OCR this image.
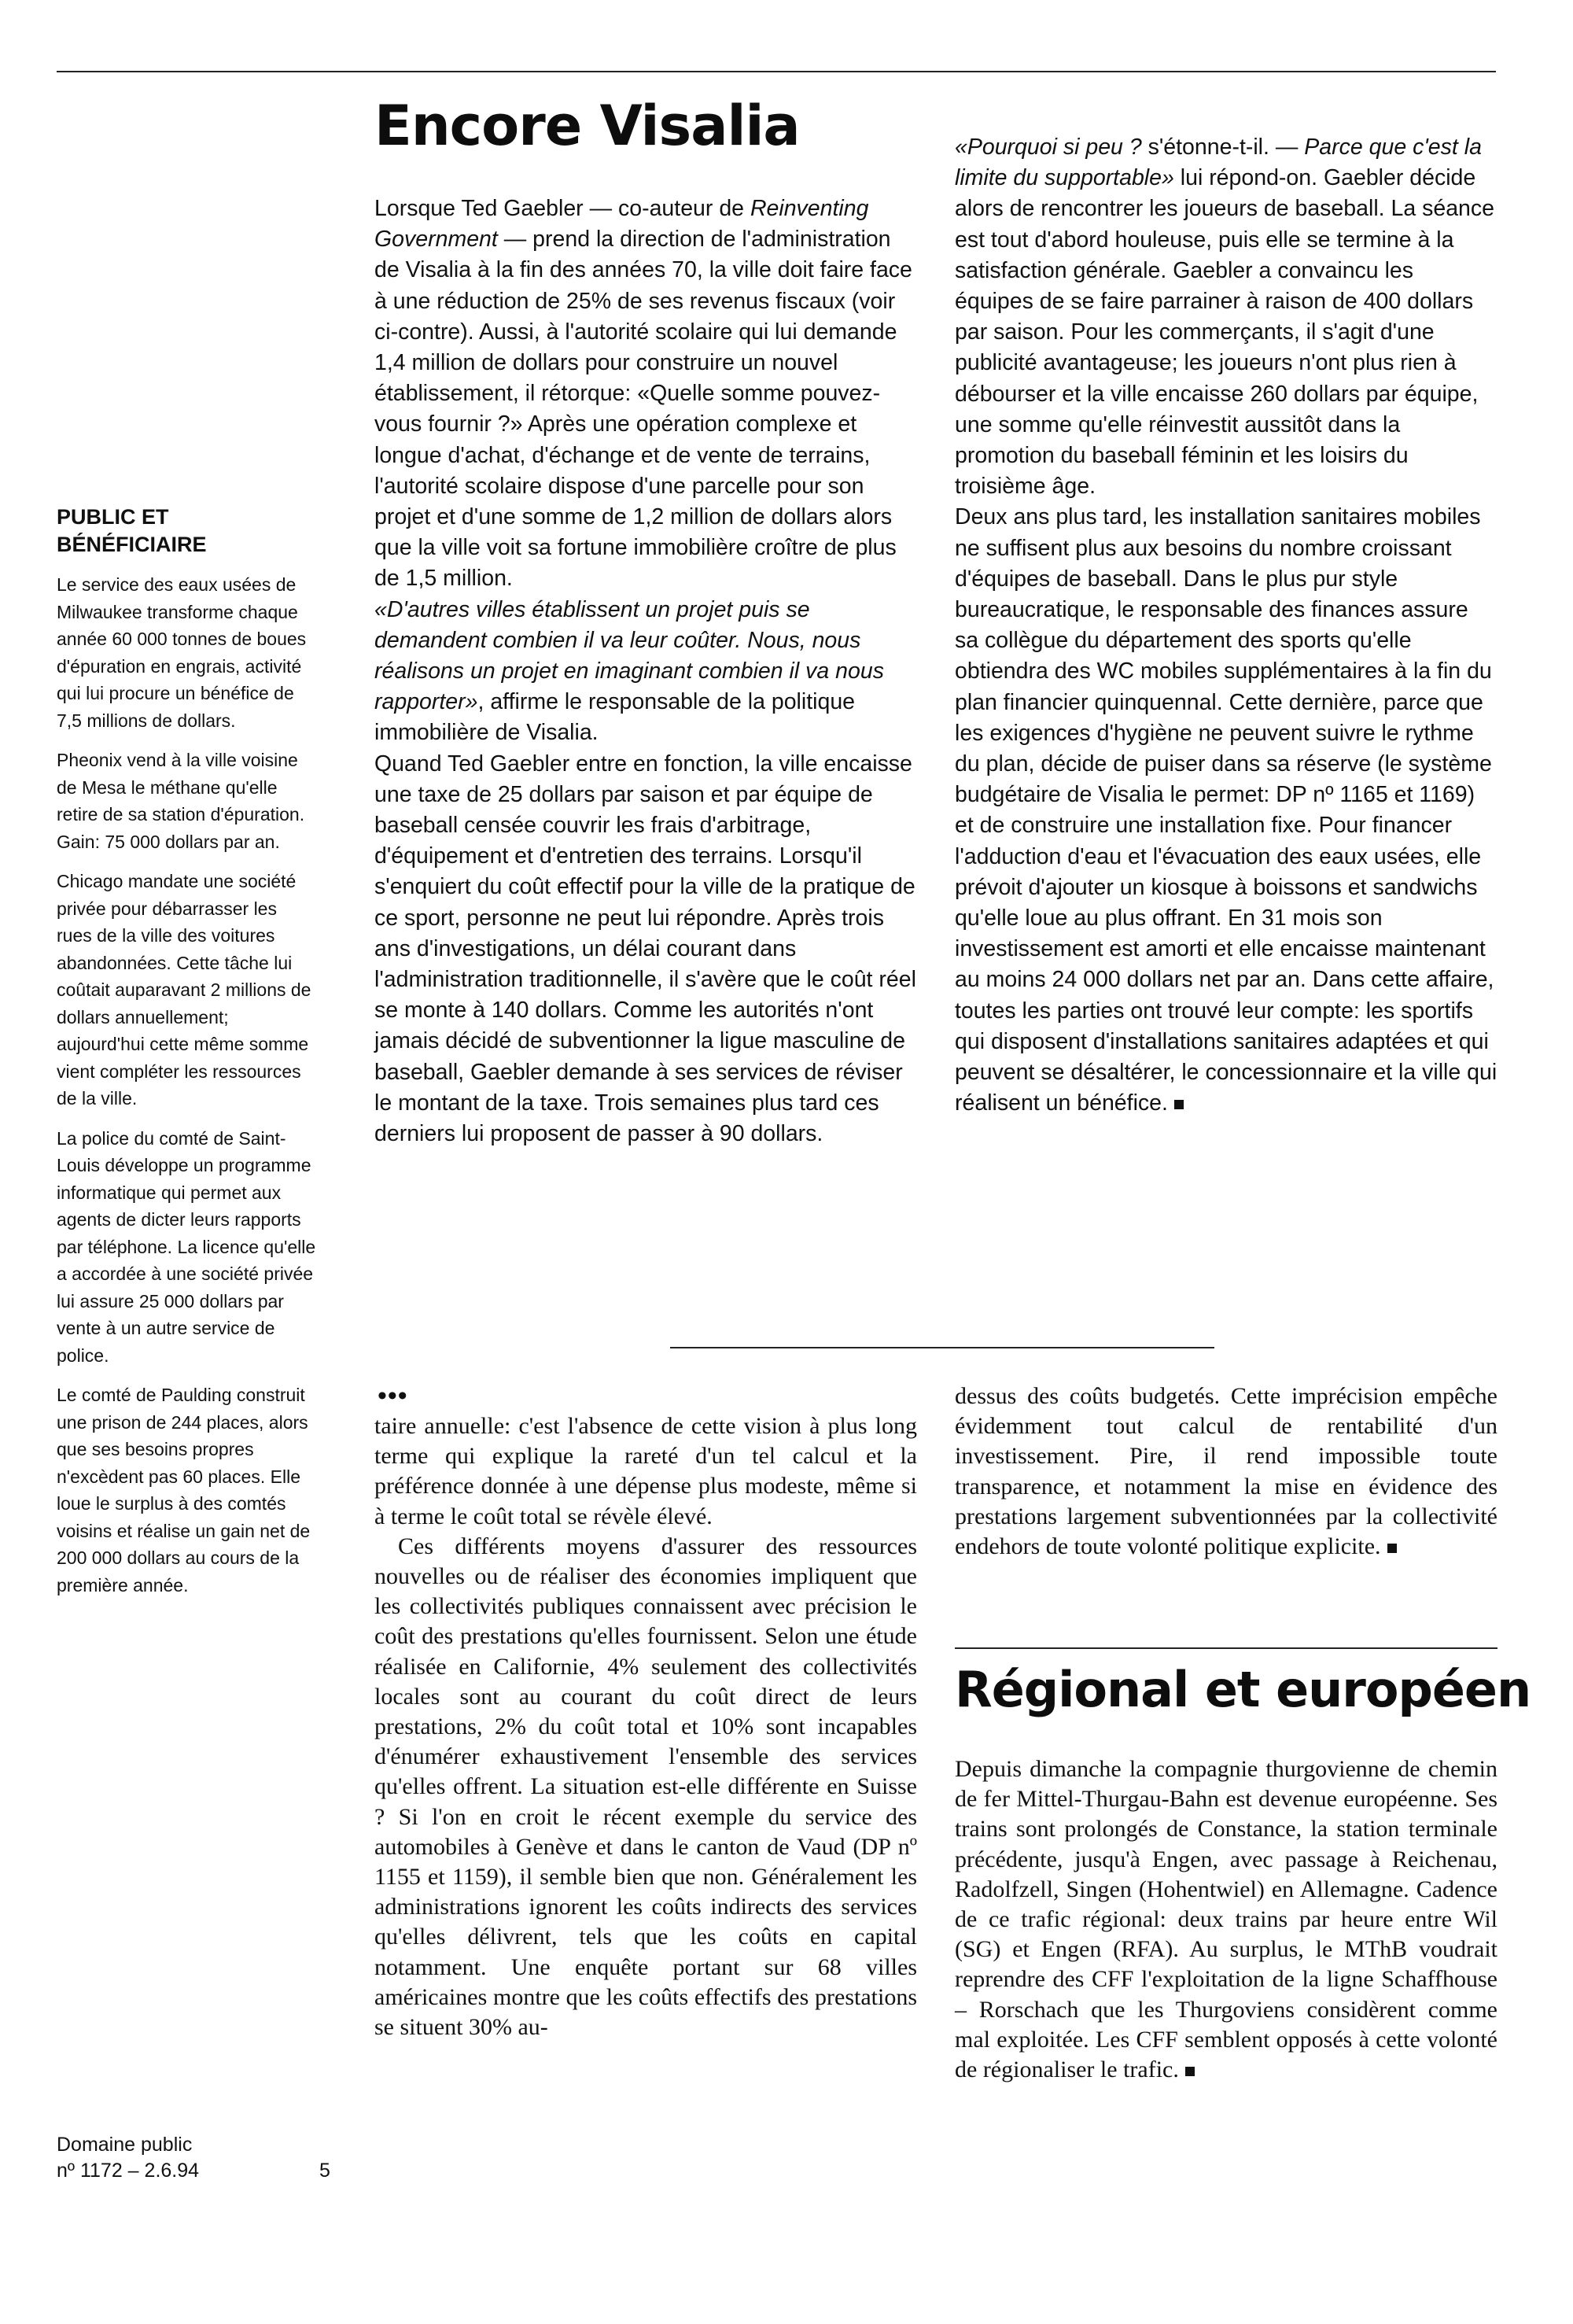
Encore Visalia

PUBLIC ET BÉNÉFICIAIRE

Le service des eaux usées de Milwaukee transforme chaque année 60 000 tonnes de boues d'épuration en engrais, activité qui lui procure un bénéfice de 7,5 millions de dollars.

Pheonix vend à la ville voisine de Mesa le méthane qu'elle retire de sa station d'épuration. Gain: 75 000 dollars par an.

Chicago mandate une société privée pour débarrasser les rues de la ville des voitures abandonnées. Cette tâche lui coûtait auparavant 2 millions de dollars annuellement; aujourd'hui cette même somme vient compléter les ressources de la ville.

La police du comté de Saint-Louis développe un programme informatique qui permet aux agents de dicter leurs rapports par téléphone. La licence qu'elle a accordée à une société privée lui assure 25 000 dollars par vente à un autre service de police.

Le comté de Paulding construit une prison de 244 places, alors que ses besoins propres n'excèdent pas 60 places. Elle loue le surplus à des comtés voisins et réalise un gain net de 200 000 dollars au cours de la première année.

Lorsque Ted Gaebler — co-auteur de Reinventing Government — prend la direction de l'administration de Visalia à la fin des années 70, la ville doit faire face à une réduction de 25% de ses revenus fiscaux (voir ci-contre). Aussi, à l'autorité scolaire qui lui demande 1,4 million de dollars pour construire un nouvel établissement, il rétorque: «Quelle somme pouvez-vous fournir ?» Après une opération complexe et longue d'achat, d'échange et de vente de terrains, l'autorité scolaire dispose d'une parcelle pour son projet et d'une somme de 1,2 million de dollars alors que la ville voit sa fortune immobilière croître de plus de 1,5 million.

«D'autres villes établissent un projet puis se demandent combien il va leur coûter. Nous, nous réalisons un projet en imaginant combien il va nous rapporter», affirme le responsable de la politique immobilière de Visalia.

Quand Ted Gaebler entre en fonction, la ville encaisse une taxe de 25 dollars par saison et par équipe de baseball censée couvrir les frais d'arbitrage, d'équipement et d'entretien des terrains. Lorsqu'il s'enquiert du coût effectif pour la ville de la pratique de ce sport, personne ne peut lui répondre. Après trois ans d'investigations, un délai courant dans l'administration traditionnelle, il s'avère que le coût réel se monte à 140 dollars. Comme les autorités n'ont jamais décidé de subventionner la ligue masculine de baseball, Gaebler demande à ses services de réviser le montant de la taxe. Trois semaines plus tard ces derniers lui proposent de passer à 90 dollars.

«Pourquoi si peu ? s'étonne-t-il. — Parce que c'est la limite du supportable» lui répond-on. Gaebler décide alors de rencontrer les joueurs de baseball. La séance est tout d'abord houleuse, puis elle se termine à la satisfaction générale. Gaebler a convaincu les équipes de se faire parrainer à raison de 400 dollars par saison. Pour les commerçants, il s'agit d'une publicité avantageuse; les joueurs n'ont plus rien à débourser et la ville encaisse 260 dollars par équipe, une somme qu'elle réinvestit aussitôt dans la promotion du baseball féminin et les loisirs du troisième âge.

Deux ans plus tard, les installation sanitaires mobiles ne suffisent plus aux besoins du nombre croissant d'équipes de baseball. Dans le plus pur style bureaucratique, le responsable des finances assure sa collègue du département des sports qu'elle obtiendra des WC mobiles supplémentaires à la fin du plan financier quinquennal. Cette dernière, parce que les exigences d'hygiène ne peuvent suivre le rythme du plan, décide de puiser dans sa réserve (le système budgétaire de Visalia le permet: DP nº 1165 et 1169) et de construire une installation fixe. Pour financer l'adduction d'eau et l'évacuation des eaux usées, elle prévoit d'ajouter un kiosque à boissons et sandwichs qu'elle loue au plus offrant. En 31 mois son investissement est amorti et elle encaisse maintenant au moins 24 000 dollars net par an. Dans cette affaire, toutes les parties ont trouvé leur compte: les sportifs qui disposent d'installations sanitaires adaptées et qui peuvent se désaltérer, le concessionnaire et la ville qui réalisent un bénéfice.

•••

taire annuelle: c'est l'absence de cette vision à plus long terme qui explique la rareté d'un tel calcul et la préférence donnée à une dépense plus modeste, même si à terme le coût total se révèle élevé.

Ces différents moyens d'assurer des ressources nouvelles ou de réaliser des économies impliquent que les collectivités publiques connaissent avec précision le coût des prestations qu'elles fournissent. Selon une étude réalisée en Californie, 4% seulement des collectivités locales sont au courant du coût direct de leurs prestations, 2% du coût total et 10% sont incapables d'énumérer exhaustivement l'ensemble des services qu'elles offrent. La situation est-elle différente en Suisse ? Si l'on en croit le récent exemple du service des automobiles à Genève et dans le canton de Vaud (DP nº 1155 et 1159), il semble bien que non. Généralement les administrations ignorent les coûts indirects des services qu'elles délivrent, tels que les coûts en capital notamment. Une enquête portant sur 68 villes américaines montre que les coûts effectifs des prestations se situent 30% au-

dessus des coûts budgetés. Cette imprécision empêche évidemment tout calcul de rentabilité d'un investissement. Pire, il rend impossible toute transparence, et notamment la mise en évidence des prestations largement subventionnées par la collectivité endehors de toute volonté politique explicite.

Régional et européen

Depuis dimanche la compagnie thurgovienne de chemin de fer Mittel-Thurgau-Bahn est devenue européenne. Ses trains sont prolongés de Constance, la station terminale précédente, jusqu'à Engen, avec passage à Reichenau, Radolfzell, Singen (Hohentwiel) en Allemagne. Cadence de ce trafic régional: deux trains par heure entre Wil (SG) et Engen (RFA). Au surplus, le MThB voudrait reprendre des CFF l'exploitation de la ligne Schaffhouse – Rorschach que les Thurgoviens considèrent comme mal exploitée. Les CFF semblent opposés à cette volonté de régionaliser le trafic.

Domaine public
nº 1172 – 2.6.94	5
